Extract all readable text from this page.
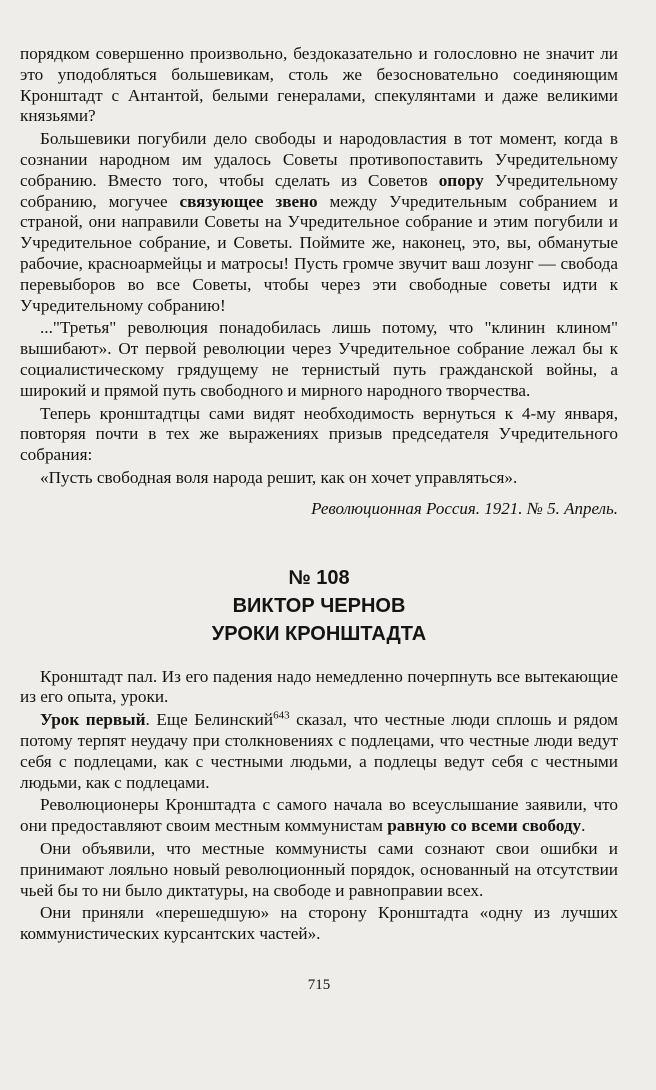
порядком совершенно произвольно, бездоказательно и голословно не значит ли это уподобляться большевикам, столь же безосновательно соединяющим Кронштадт с Антантой, белыми генералами, спекулянтами и даже великими князьями?

Большевики погубили дело свободы и народовластия в тот момент, когда в сознании народном им удалось Советы противопоставить Учредительному собранию. Вместо того, чтобы сделать из Советов опору Учредительному собранию, могучее связующее звено между Учредительным собранием и страной, они направили Советы на Учредительное собрание и этим погубили и Учредительное собрание, и Советы. Поймите же, наконец, это, вы, обманутые рабочие, красноармейцы и матросы! Пусть громче звучит ваш лозунг — свобода перевыборов во все Советы, чтобы через эти свободные советы идти к Учредительному собранию!

..."Третья" революция понадобилась лишь потому, что "клинин клином" вышибают». От первой революции через Учредительное собрание лежал бы к социалистическому грядущему не тернистый путь гражданской войны, а широкий и прямой путь свободного и мирного народного творчества.

Теперь кронштадтцы сами видят необходимость вернуться к 4-му января, повторяя почти в тех же выражениях призыв председателя Учредительного собрания:

«Пусть свободная воля народа решит, как он хочет управляться».

Революционная Россия. 1921. № 5. Апрель.

№ 108
ВИКТОР ЧЕРНОВ
УРОКИ КРОНШТАДТА

Кронштадт пал. Из его падения надо немедленно почерпнуть все вытекающие из его опыта, уроки.

Урок первый. Еще Белинский$^{643}$ сказал, что честные люди сплошь и рядом потому терпят неудачу при столкновениях с подлецами, что честные люди ведут себя с подлецами, как с честными людьми, а подлецы ведут себя с честными людьми, как с подлецами.

Революционеры Кронштадта с самого начала во всеуслышание заявили, что они предоставляют своим местным коммунистам равную со всеми свободу.

Они объявили, что местные коммунисты сами сознают свои ошибки и принимают лояльно новый революционный порядок, основанный на отсутствии чьей бы то ни было диктатуры, на свободе и равноправии всех.

Они приняли «перешедшую» на сторону Кронштадта «одну из лучших коммунистических курсантских частей».

715
